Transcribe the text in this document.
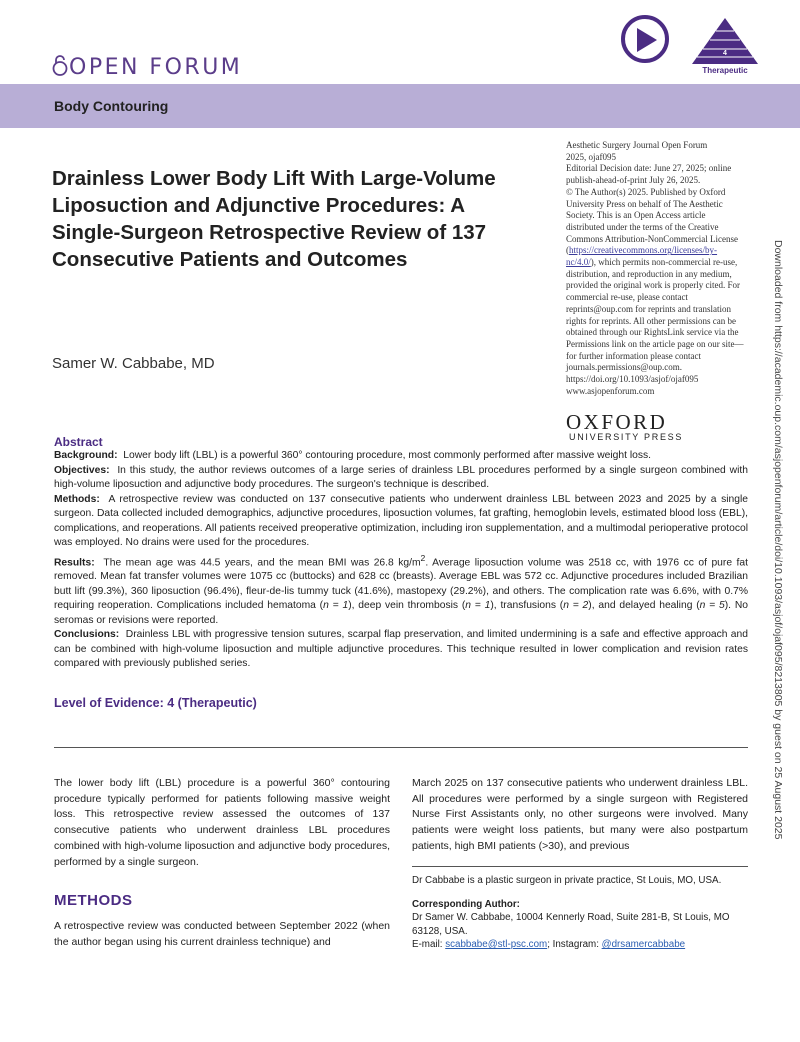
OPEN FORUM
4
Therapeutic
Body Contouring
Drainless Lower Body Lift With Large-Volume Liposuction and Adjunctive Procedures: A Single-Surgeon Retrospective Review of 137 Consecutive Patients and Outcomes
Samer W. Cabbabe, MD
Aesthetic Surgery Journal Open Forum
2025, ojaf095
Editorial Decision date: June 27, 2025; online publish-ahead-of-print July 26, 2025.
© The Author(s) 2025. Published by Oxford University Press on behalf of The Aesthetic Society. This is an Open Access article distributed under the terms of the Creative Commons Attribution-NonCommercial License (https://creativecommons.org/licenses/by-nc/4.0/), which permits non-commercial re-use, distribution, and reproduction in any medium, provided the original work is properly cited. For commercial re-use, please contact reprints@oup.com for reprints and translation rights for reprints. All other permissions can be obtained through our RightsLink service via the Permissions link on the article page on our site—for further information please contact journals.permissions@oup.com.
https://doi.org/10.1093/asjof/ojaf095
www.asjopenforum.com
OXFORD
UNIVERSITY PRESS	Downloaded from https://academic.oup.com/asjopenforum/article/doi/10.1093/asjof/ojaf095/8213805 by guest on 25 August 2025
Abstract

Background: Lower body lift (LBL) is a powerful 360° contouring procedure, most commonly performed after massive weight loss.

Objectives: In this study, the author reviews outcomes of a large series of drainless LBL procedures performed by a single surgeon combined with high-volume liposuction and adjunctive body procedures. The surgeon's technique is described.

Methods: A retrospective review was conducted on 137 consecutive patients who underwent drainless LBL between 2023 and 2025 by a single surgeon. Data collected included demographics, adjunctive procedures, liposuction volumes, fat grafting, hemoglobin levels, estimated blood loss (EBL), complications, and reoperations. All patients received preoperative optimization, including iron supplementation, and a multimodal perioperative protocol was employed. No drains were used for the procedures.

Results: The mean age was 44.5 years, and the mean BMI was 26.8 $kg/m^2$. Average liposuction volume was 2518 cc, with 1976 cc of pure fat removed. Mean fat transfer volumes were 1075 cc (buttocks) and 628 cc (breasts). Average EBL was 572 cc. Adjunctive procedures included Brazilian butt lift (99.3%), 360 liposuction (96.4%), fleur-de-lis tummy tuck (41.6%), mastopexy (29.2%), and others. The complication rate was 6.6%, with 0.7% requiring reoperation. Complications included hematoma (n = 1), deep vein thrombosis (n = 1), transfusions (n = 2), and delayed healing (n = 5). No seromas or revisions were reported.

Conclusions: Drainless LBL with progressive tension sutures, scarpal flap preservation, and limited undermining is a safe and effective approach and can be combined with high-volume liposuction and multiple adjunctive procedures. This technique resulted in lower complication and revision rates compared with previously published series.

Level of Evidence: 4 (Therapeutic)
The lower body lift (LBL) procedure is a powerful 360° contouring procedure typically performed for patients following massive weight loss. This retrospective review assessed the outcomes of 137 consecutive patients who underwent drainless LBL procedures combined with high-volume liposuction and adjunctive body procedures, performed by a single surgeon.
METHODS
A retrospective review was conducted between September 2022 (when the author began using his current drainless technique) and
March 2025 on 137 consecutive patients who underwent drainless LBL. All procedures were performed by a single surgeon with Registered Nurse First Assistants only, no other surgeons were involved. Many patients were weight loss patients, but many were also postpartum patients, high BMI patients (>30), and previous
Dr Cabbabe is a plastic surgeon in private practice, St Louis, MO, USA.
Corresponding Author:
Dr Samer W. Cabbabe, 10004 Kennerly Road, Suite 281-B, St Louis, MO 63128, USA.
E-mail: scabbabe@stl-psc.com; Instagram: @drsamercabbabe
